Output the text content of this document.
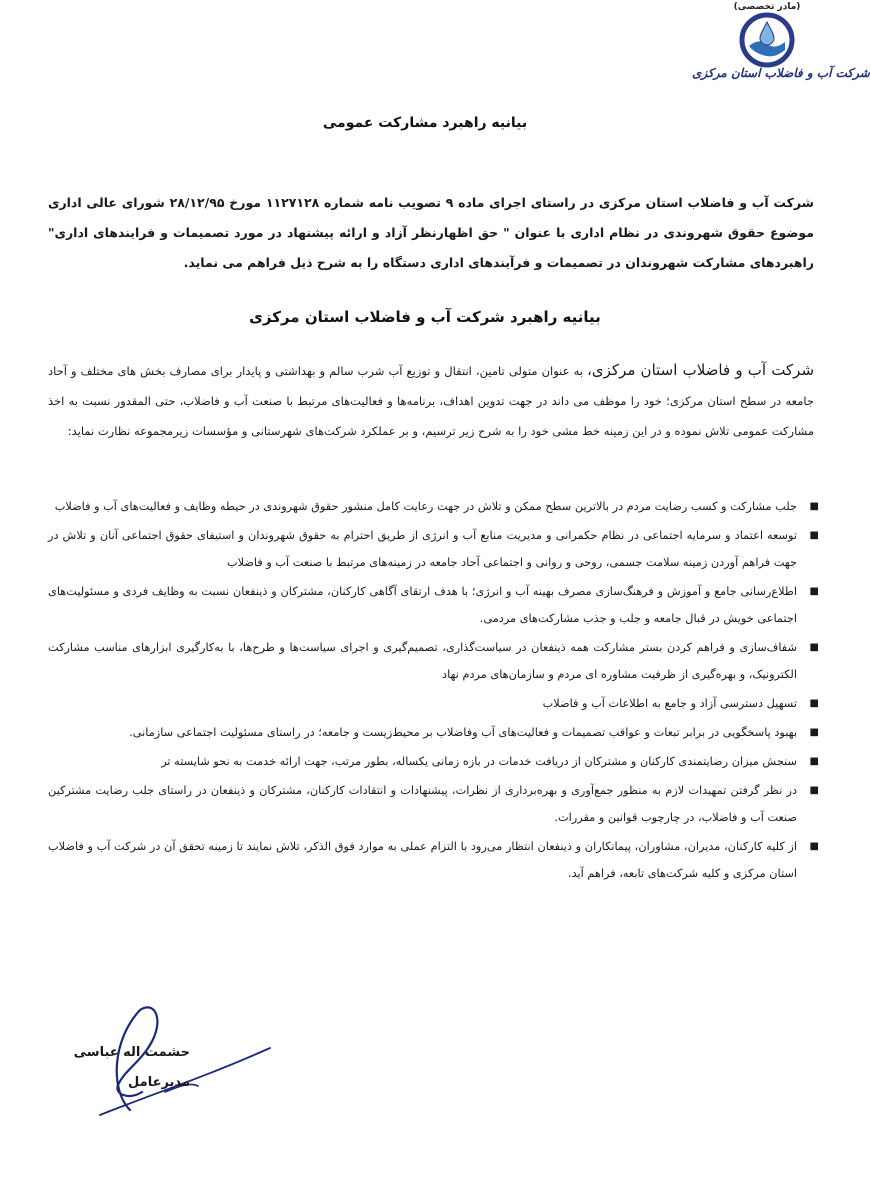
(مادر تخصصی)
شرکت آب و فاضلاب استان مرکزی
بیانیه راهبرد مشارکت عمومی
شرکت آب و فاضلاب استان مرکزی در راستای اجرای ماده ۹ تصویب نامه شماره ۱۱۲۷۱۲۸ مورخ ۲۸/۱۲/۹۵ شورای عالی اداری موضوع حقوق شهروندی در نظام اداری با عنوان " حق اظهارنظر آزاد و ارائه پیشنهاد در مورد تصمیمات و فرایندهای اداری" راهبردهای مشارکت شهروندان در تصمیمات و فرآیندهای اداری دستگاه را به شرح ذیل فراهم می نماید.
بیانیه راهبرد شرکت آب و فاضلاب استان مرکزی
شرکت آب و فاضلاب استان مرکزی، به عنوان متولی تامین، انتقال و توزیع آب شرب سالم و بهداشتی و پایدار برای مصارف بخش های مختلف و آحاد جامعه در سطح استان مرکزی؛ خود را موظف می داند در جهت تدوین اهداف، برنامه‌ها و فعالیت‌های مرتبط با صنعت آب و فاضلاب، حتی المقدور نسبت به اخذ مشارکت عمومی تلاش نموده و در این زمینه خط مشی خود را به شرح زیر ترسیم، و بر عملکرد شرکت‌های شهرستانی و مؤسسات زیرمجموعه نظارت نماید:
■
جلب مشارکت و کسب رضایت مردم در بالاترین سطح ممکن و تلاش در جهت رعایت کامل منشور حقوق شهروندی در حیطه وظایف و فعالیت‌های آب و فاضلاب
■
توسعه اعتماد و سرمایه اجتماعی در نظام حکمرانی و مدیریت منابع آب و انرژی از طریق احترام به حقوق شهروندان و استیفای حقوق اجتماعی آنان و تلاش در جهت فراهم آوردن زمینه سلامت جسمی، روحی و روانی و اجتماعی آحاد جامعه در زمینه‌های مرتبط با صنعت آب و فاضلاب
■
اطلاع‌رسانی جامع و آموزش و فرهنگ‌سازی مصرف بهینه آب و انرژی؛ با هدف ارتقای آگاهی کارکنان، مشترکان و ذینفعان نسبت به وظایف فردی و مسئولیت‌های اجتماعی خویش در قبال جامعه و جلب و جذب مشارکت‌های مردمی.
■
شفاف‌سازی و فراهم کردن بستر مشارکت همه ذینفعان در سیاست‌گذاری، تصمیم‌گیری و اجرای سیاست‌ها و طرح‌ها، با به‌کارگیری ابزارهای مناسب مشارکت الکترونیک، و بهره‌گیری از ظرفیت مشاوره ای مردم و سازمان‌های مردم نهاد
■
تسهیل دسترسی آزاد و جامع به اطلاعات آب و فاضلاب
■
بهبود پاسخگویی در برابر تبعات و عواقب تصمیمات و فعالیت‌های آب وفاضلاب بر محیط‌زیست و جامعه؛ در راستای مسئولیت اجتماعی سازمانی.
■
سنجش میزان رضایتمندی کارکنان و مشترکان از دریافت خدمات در بازه زمانی یکساله، بطور مرتب، جهت ارائه خدمت به نحو شایسته تر
■
در نظر گرفتن تمهیدات لازم به منظور جمع‌آوری و بهره‌برداری از نظرات، پیشنهادات و انتقادات کارکنان، مشترکان و ذینفعان در راستای جلب رضایت مشترکین صنعت آب و فاضلاب، در چارچوب قوانین و مقررات.
■
از کلیه کارکنان، مدیران، مشاوران، پیمانکاران و ذینفعان انتظار می‌رود با التزام عملی به موارد فوق الذکر، تلاش نمایند تا زمینه تحقق آن در شرکت آب و فاضلاب استان مرکزی و کلیه شرکت‌های تابعه، فراهم آید.
حشمت اله عباسی
مدیرعامل
